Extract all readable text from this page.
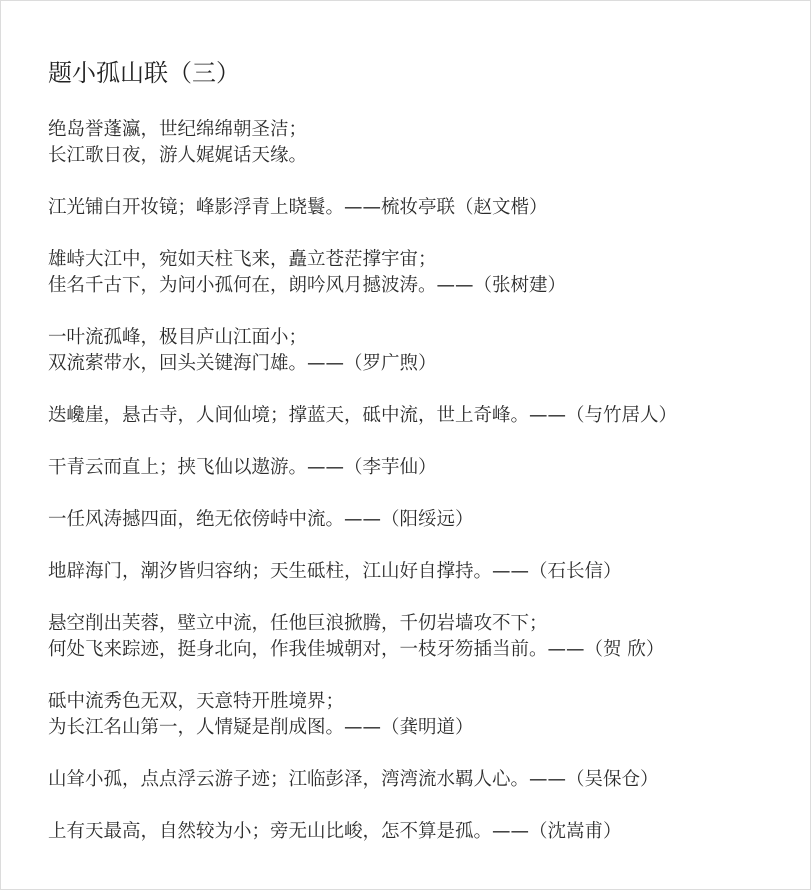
题小孤山联（三）
绝岛誉蓬瀛，世纪绵绵朝圣洁；
长江歌日夜，游人娓娓话天缘。
江光铺白开妆镜；峰影浮青上晓鬟。——梳妆亭联（赵文楷）
雄峙大江中，宛如天柱飞来，矗立苍茫撑宇宙；
佳名千古下，为问小孤何在，朗吟风月撼波涛。——（张树建）
一叶流孤峰，极目庐山江面小；
双流萦带水，回头关键海门雄。——（罗广煦）
迭巉崖，悬古寺，人间仙境；撑蓝天，砥中流，世上奇峰。——（与竹居人）
干青云而直上；挟飞仙以遨游。——（李芋仙）
一任风涛撼四面，绝无依傍峙中流。——（阳绥远）
地辟海门，潮汐皆归容纳；天生砥柱，江山好自撑持。——（石长信）
悬空削出芙蓉，壁立中流，任他巨浪掀腾，千仞岩墙攻不下；
何处飞来踪迹，挺身北向，作我佳城朝对，一枝牙笏插当前。——（贺 欣）
砥中流秀色无双，天意特开胜境界；
为长江名山第一，人情疑是削成图。——（龚明道）
山耸小孤，点点浮云游子迹；江临彭泽，湾湾流水羁人心。——（吴保仓）
上有天最高，自然较为小；旁无山比峻，怎不算是孤。——（沈嵩甫）
